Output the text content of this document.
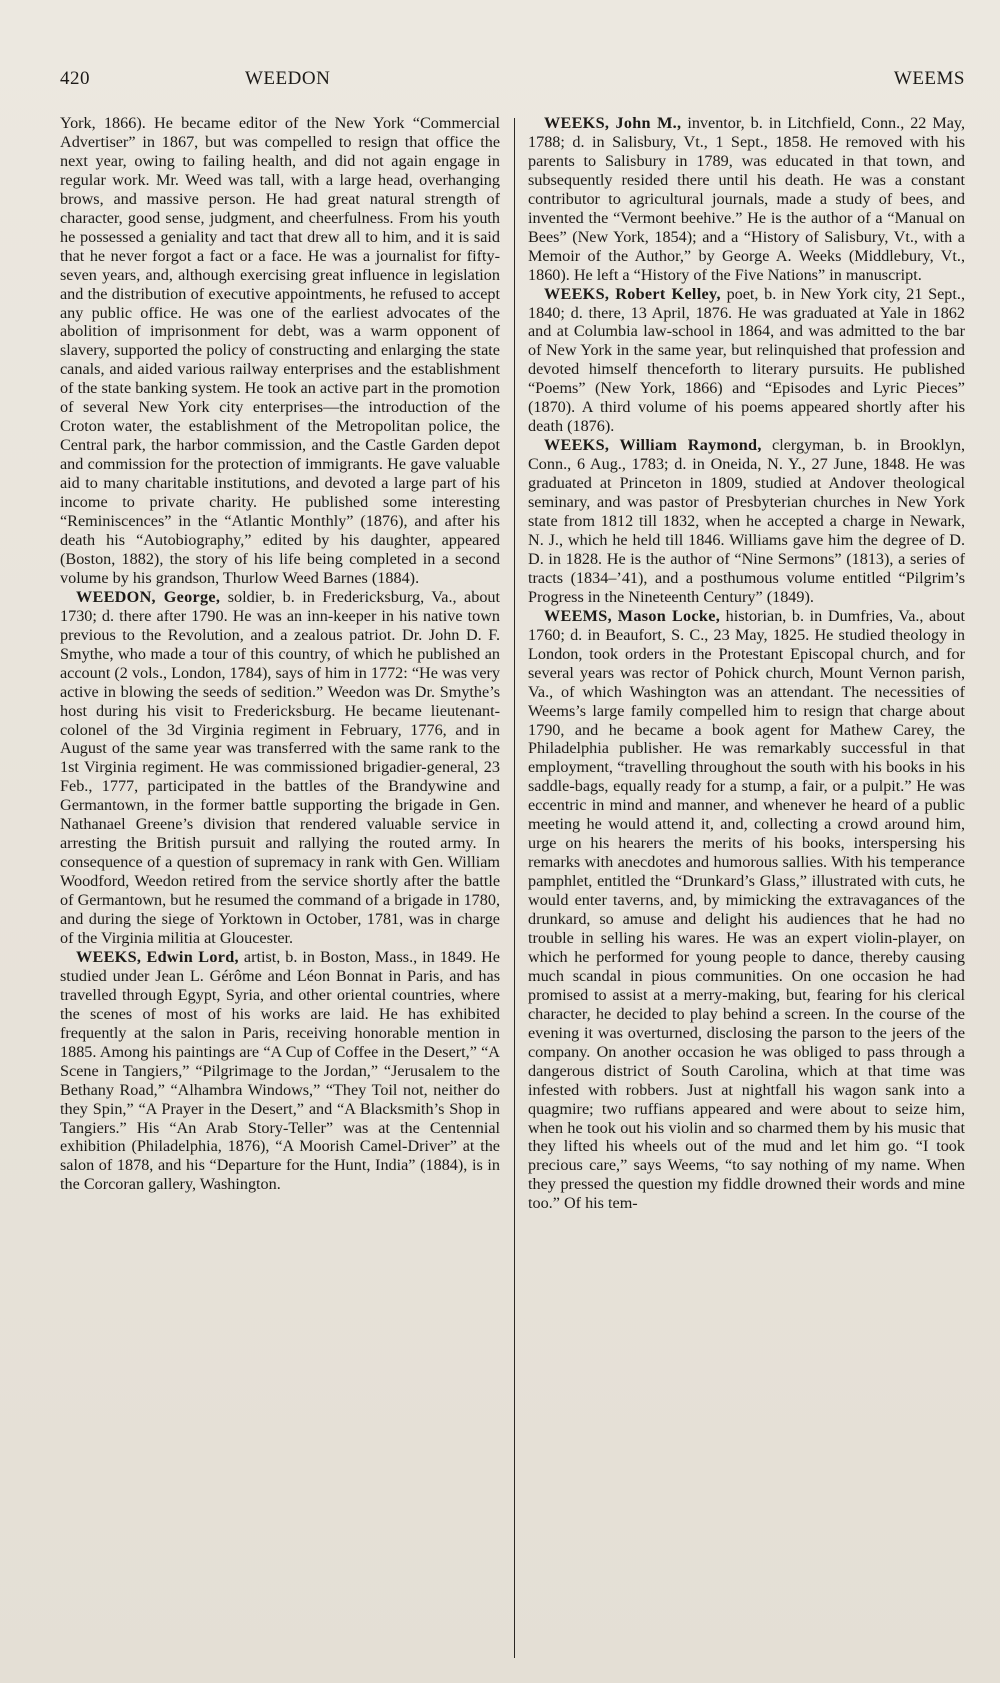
420	WEEDON	WEEMS

York, 1866). He became editor of the New York “Commercial Advertiser” in 1867, but was compelled to resign that office the next year, owing to failing health, and did not again engage in regular work. Mr. Weed was tall, with a large head, overhanging brows, and massive person. He had great natural strength of character, good sense, judgment, and cheerfulness. From his youth he possessed a geniality and tact that drew all to him, and it is said that he never forgot a fact or a face. He was a journalist for fifty-seven years, and, although exercising great influence in legislation and the distribution of executive appointments, he refused to accept any public office. He was one of the earliest advocates of the abolition of imprisonment for debt, was a warm opponent of slavery, supported the policy of constructing and enlarging the state canals, and aided various railway enterprises and the establishment of the state banking system. He took an active part in the promotion of several New York city enterprises—the introduction of the Croton water, the establishment of the Metropolitan police, the Central park, the harbor commission, and the Castle Garden depot and commission for the protection of immigrants. He gave valuable aid to many charitable institutions, and devoted a large part of his income to private charity. He published some interesting “Reminiscences” in the “Atlantic Monthly” (1876), and after his death his “Autobiography,” edited by his daughter, appeared (Boston, 1882), the story of his life being completed in a second volume by his grandson, Thurlow Weed Barnes (1884).

WEEDON, George, soldier, b. in Fredericksburg, Va., about 1730; d. there after 1790. He was an inn-keeper in his native town previous to the Revolution, and a zealous patriot. Dr. John D. F. Smythe, who made a tour of this country, of which he published an account (2 vols., London, 1784), says of him in 1772: “He was very active in blowing the seeds of sedition.” Weedon was Dr. Smythe’s host during his visit to Fredericksburg. He became lieutenant-colonel of the 3d Virginia regiment in February, 1776, and in August of the same year was transferred with the same rank to the 1st Virginia regiment. He was commissioned brigadier-general, 23 Feb., 1777, participated in the battles of the Brandywine and Germantown, in the former battle supporting the brigade in Gen. Nathanael Greene’s division that rendered valuable service in arresting the British pursuit and rallying the routed army. In consequence of a question of supremacy in rank with Gen. William Woodford, Weedon retired from the service shortly after the battle of Germantown, but he resumed the command of a brigade in 1780, and during the siege of Yorktown in October, 1781, was in charge of the Virginia militia at Gloucester.

WEEKS, Edwin Lord, artist, b. in Boston, Mass., in 1849. He studied under Jean L. Gérôme and Léon Bonnat in Paris, and has travelled through Egypt, Syria, and other oriental countries, where the scenes of most of his works are laid. He has exhibited frequently at the salon in Paris, receiving honorable mention in 1885. Among his paintings are “A Cup of Coffee in the Desert,” “A Scene in Tangiers,” “Pilgrimage to the Jordan,” “Jerusalem to the Bethany Road,” “Alhambra Windows,” “They Toil not, neither do they Spin,” “A Prayer in the Desert,” and “A Blacksmith’s Shop in Tangiers.” His “An Arab Story-Teller” was at the Centennial exhibition (Philadelphia, 1876), “A Moorish Camel-Driver” at the salon of 1878, and his “Departure for the Hunt, India” (1884), is in the Corcoran gallery, Washington.

WEEKS, John M., inventor, b. in Litchfield, Conn., 22 May, 1788; d. in Salisbury, Vt., 1 Sept., 1858. He removed with his parents to Salisbury in 1789, was educated in that town, and subsequently resided there until his death. He was a constant contributor to agricultural journals, made a study of bees, and invented the “Vermont beehive.” He is the author of a “Manual on Bees” (New York, 1854); and a “History of Salisbury, Vt., with a Memoir of the Author,” by George A. Weeks (Middlebury, Vt., 1860). He left a “History of the Five Nations” in manuscript.

WEEKS, Robert Kelley, poet, b. in New York city, 21 Sept., 1840; d. there, 13 April, 1876. He was graduated at Yale in 1862 and at Columbia law-school in 1864, and was admitted to the bar of New York in the same year, but relinquished that profession and devoted himself thenceforth to literary pursuits. He published “Poems” (New York, 1866) and “Episodes and Lyric Pieces” (1870). A third volume of his poems appeared shortly after his death (1876).

WEEKS, William Raymond, clergyman, b. in Brooklyn, Conn., 6 Aug., 1783; d. in Oneida, N. Y., 27 June, 1848. He was graduated at Princeton in 1809, studied at Andover theological seminary, and was pastor of Presbyterian churches in New York state from 1812 till 1832, when he accepted a charge in Newark, N. J., which he held till 1846. Williams gave him the degree of D. D. in 1828. He is the author of “Nine Sermons” (1813), a series of tracts (1834–’41), and a posthumous volume entitled “Pilgrim’s Progress in the Nineteenth Century” (1849).

WEEMS, Mason Locke, historian, b. in Dumfries, Va., about 1760; d. in Beaufort, S. C., 23 May, 1825. He studied theology in London, took orders in the Protestant Episcopal church, and for several years was rector of Pohick church, Mount Vernon parish, Va., of which Washington was an attendant. The necessities of Weems’s large family compelled him to resign that charge about 1790, and he became a book agent for Mathew Carey, the Philadelphia publisher. He was remarkably successful in that employment, “travelling throughout the south with his books in his saddle-bags, equally ready for a stump, a fair, or a pulpit.” He was eccentric in mind and manner, and whenever he heard of a public meeting he would attend it, and, collecting a crowd around him, urge on his hearers the merits of his books, interspersing his remarks with anecdotes and humorous sallies. With his temperance pamphlet, entitled the “Drunkard’s Glass,” illustrated with cuts, he would enter taverns, and, by mimicking the extravagances of the drunkard, so amuse and delight his audiences that he had no trouble in selling his wares. He was an expert violin-player, on which he performed for young people to dance, thereby causing much scandal in pious communities. On one occasion he had promised to assist at a merry-making, but, fearing for his clerical character, he decided to play behind a screen. In the course of the evening it was overturned, disclosing the parson to the jeers of the company. On another occasion he was obliged to pass through a dangerous district of South Carolina, which at that time was infested with robbers. Just at nightfall his wagon sank into a quagmire; two ruffians appeared and were about to seize him, when he took out his violin and so charmed them by his music that they lifted his wheels out of the mud and let him go. “I took precious care,” says Weems, “to say nothing of my name. When they pressed the question my fiddle drowned their words and mine too.” Of his tem-
